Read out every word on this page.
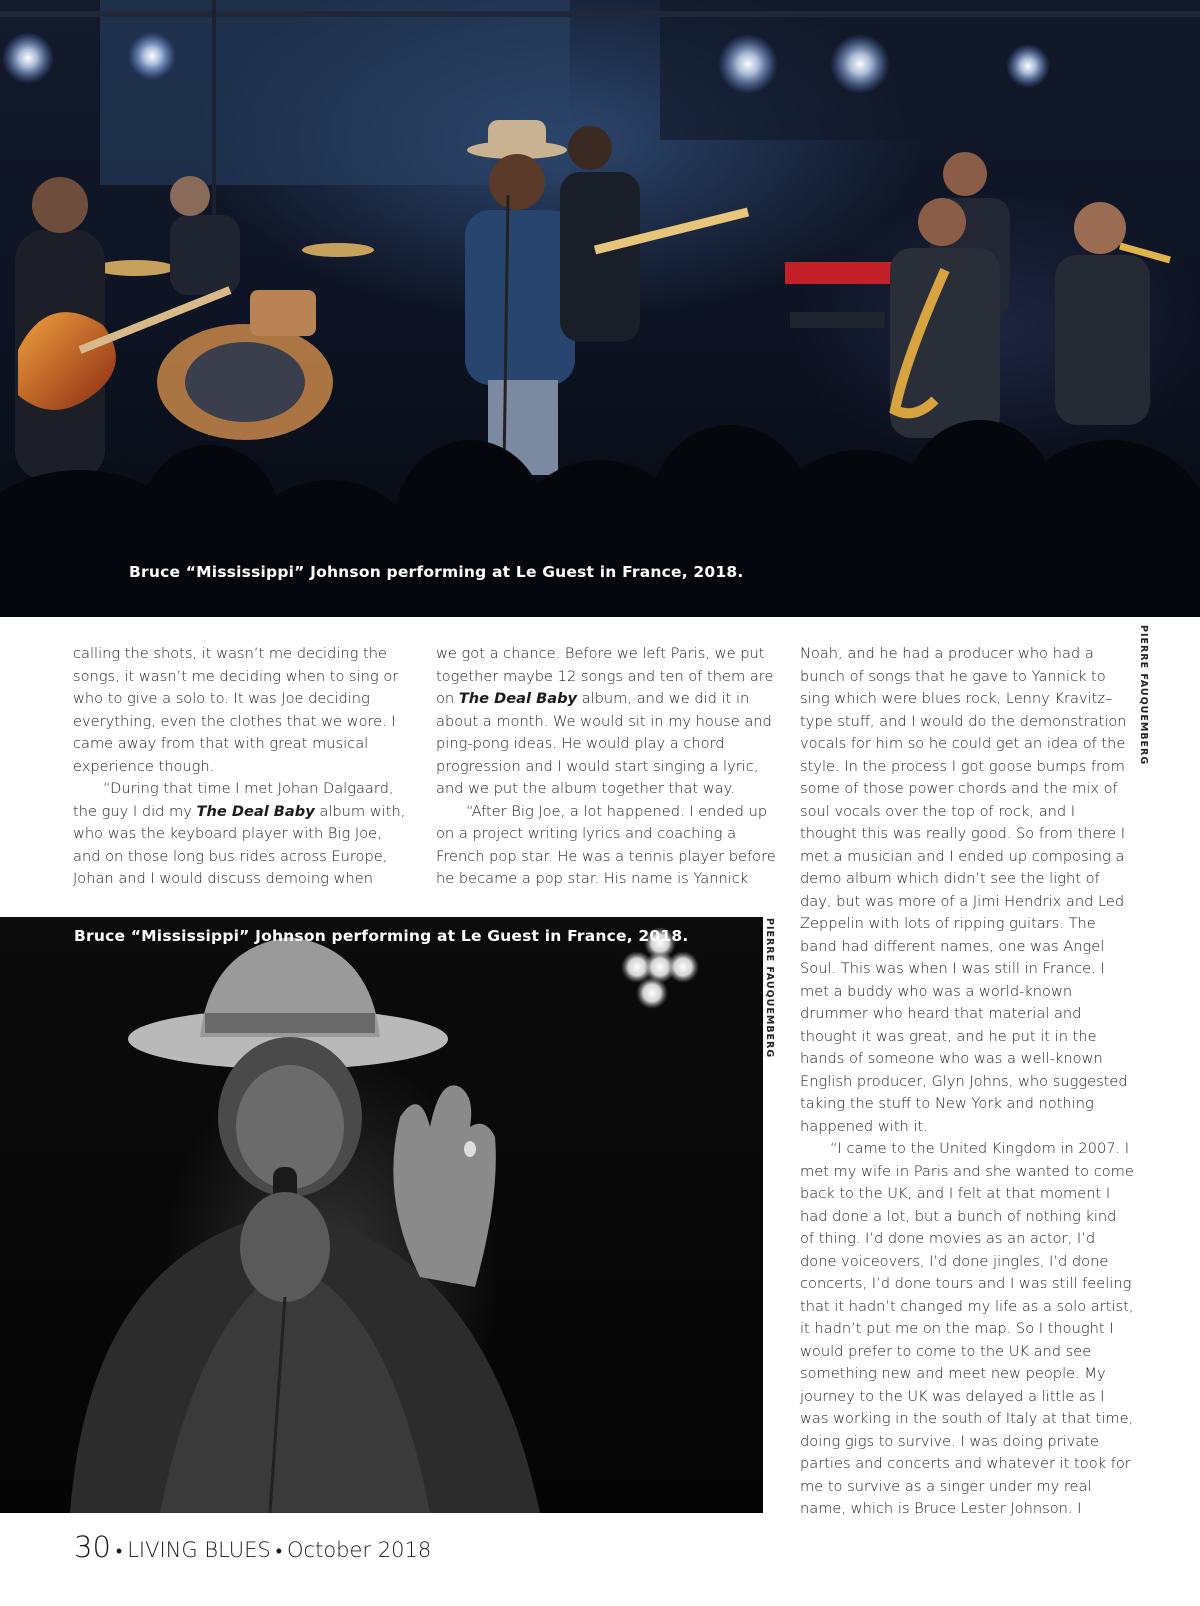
Bruce “Mississippi” Johnson performing at Le Guest in France, 2018.
PIERRE FAUQUEMBERG

calling the shots, it wasn’t me deciding the songs, it wasn’t me deciding when to sing or who to give a solo to. It was Joe deciding everything, even the clothes that we wore. I came away from that with great musical experience though.

“During that time I met Johan Dalgaard, the guy I did my The Deal Baby album with, who was the keyboard player with Big Joe, and on those long bus rides across Europe, Johan and I would discuss demoing when

we got a chance. Before we left Paris, we put together maybe 12 songs and ten of them are on The Deal Baby album, and we did it in about a month. We would sit in my house and ping-pong ideas. He would play a chord progression and I would start singing a lyric, and we put the album together that way.

“After Big Joe, a lot happened. I ended up on a project writing lyrics and coaching a French pop star. He was a tennis player before he became a pop star. His name is Yannick

Bruce “Mississippi” Johnson performing at Le Guest in France, 2018.	PIERRE FAUQUEMBERG

Noah, and he had a producer who had a bunch of songs that he gave to Yannick to sing which were blues rock, Lenny Kravitz–type stuff, and I would do the demonstration vocals for him so he could get an idea of the style. In the process I got goose bumps from some of those power chords and the mix of soul vocals over the top of rock, and I thought this was really good. So from there I met a musician and I ended up composing a demo album which didn’t see the light of day, but was more of a Jimi Hendrix and Led Zeppelin with lots of ripping guitars. The band had different names, one was Angel Soul. This was when I was still in France. I met a buddy who was a world-known drummer who heard that material and thought it was great, and he put it in the hands of someone who was a well-known English producer, Glyn Johns, who suggested taking the stuff to New York and nothing happened with it.

“I came to the United Kingdom in 2007. I met my wife in Paris and she wanted to come back to the UK, and I felt at that moment I had done a lot, but a bunch of nothing kind of thing. I’d done movies as an actor, I’d done voiceovers, I’d done jingles, I’d done concerts, I’d done tours and I was still feeling that it hadn’t changed my life as a solo artist, it hadn’t put me on the map. So I thought I would prefer to come to the UK and see something new and meet new people. My journey to the UK was delayed a little as I was working in the south of Italy at that time, doing gigs to survive. I was doing private parties and concerts and whatever it took for me to survive as a singer under my real name, which is Bruce Lester Johnson. I

30 • LIVING BLUES • October 2018
